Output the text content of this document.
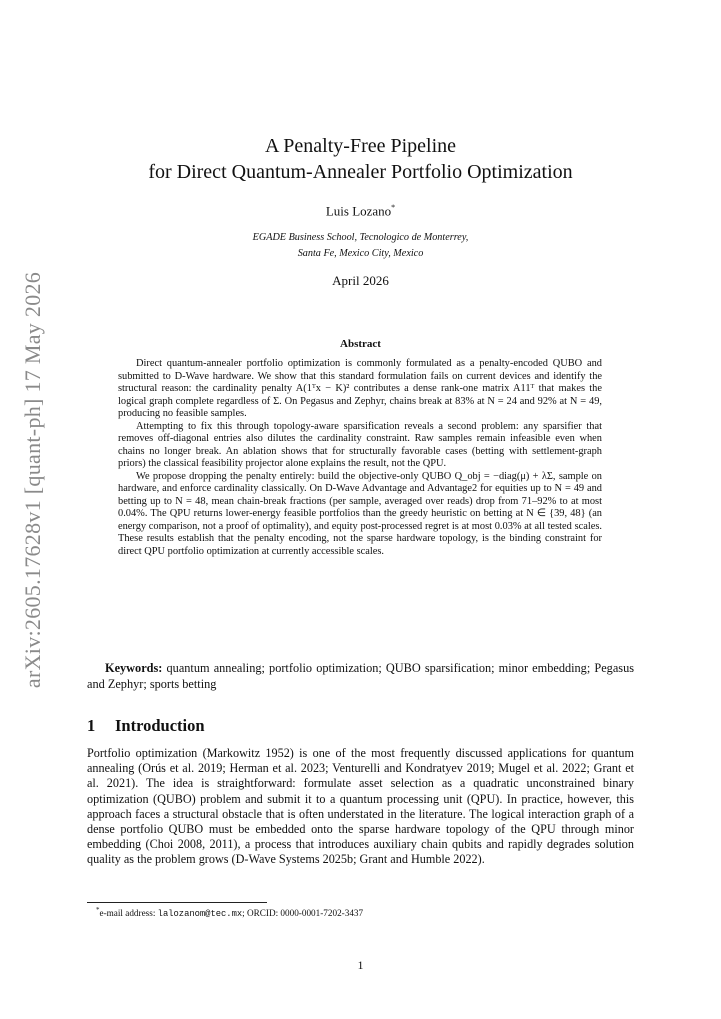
arXiv:2605.17628v1 [quant-ph] 17 May 2026
A Penalty-Free Pipeline
for Direct Quantum-Annealer Portfolio Optimization
Luis Lozano*
EGADE Business School, Tecnologico de Monterrey,
Santa Fe, Mexico City, Mexico
April 2026
Abstract

Direct quantum-annealer portfolio optimization is commonly formulated as a penalty-encoded QUBO and submitted to D-Wave hardware. We show that this standard formulation fails on current devices and identify the structural reason: the cardinality penalty A(1ᵀx − K)² contributes a dense rank-one matrix A11ᵀ that makes the logical graph complete regardless of Σ. On Pegasus and Zephyr, chains break at 83% at N = 24 and 92% at N = 49, producing no feasible samples.

Attempting to fix this through topology-aware sparsification reveals a second problem: any sparsifier that removes off-diagonal entries also dilutes the cardinality constraint. Raw samples remain infeasible even when chains no longer break. An ablation shows that for structurally favorable cases (betting with settlement-graph priors) the classical feasibility projector alone explains the result, not the QPU.

We propose dropping the penalty entirely: build the objective-only QUBO Q_obj = −diag(μ) + λΣ, sample on hardware, and enforce cardinality classically. On D-Wave Advantage and Advantage2 for equities up to N = 49 and betting up to N = 48, mean chain-break fractions (per sample, averaged over reads) drop from 71–92% to at most 0.04%. The QPU returns lower-energy feasible portfolios than the greedy heuristic on betting at N ∈ {39, 48} (an energy comparison, not a proof of optimality), and equity post-processed regret is at most 0.03% at all tested scales. These results establish that the penalty encoding, not the sparse hardware topology, is the binding constraint for direct QPU portfolio optimization at currently accessible scales.

Keywords: quantum annealing; portfolio optimization; QUBO sparsification; minor embedding; Pegasus and Zephyr; sports betting

1 Introduction

Portfolio optimization (Markowitz 1952) is one of the most frequently discussed applications for quantum annealing (Orús et al. 2019; Herman et al. 2023; Venturelli and Kondratyev 2019; Mugel et al. 2022; Grant et al. 2021). The idea is straightforward: formulate asset selection as a quadratic unconstrained binary optimization (QUBO) problem and submit it to a quantum processing unit (QPU). In practice, however, this approach faces a structural obstacle that is often understated in the literature. The logical interaction graph of a dense portfolio QUBO must be embedded onto the sparse hardware topology of the QPU through minor embedding (Choi 2008, 2011), a process that introduces auxiliary chain qubits and rapidly degrades solution quality as the problem grows (D-Wave Systems 2025b; Grant and Humble 2022).

*e-mail address: lalozanom@tec.mx; ORCID: 0000-0001-7202-3437
1
